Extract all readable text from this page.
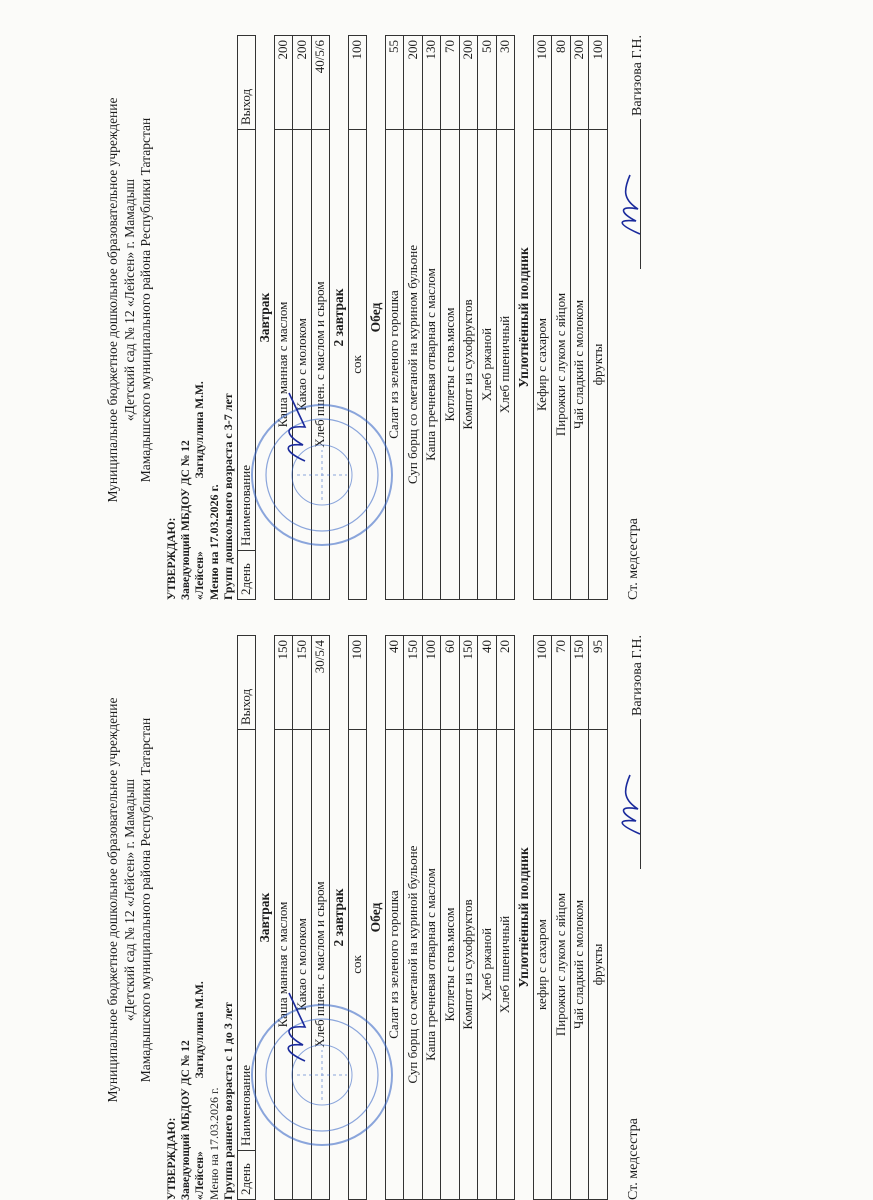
Муниципальное бюджетное дошкольное образовательное учреждение «Детский сад № 12 «Лейсен» г. Мамадыш Мамадышского муниципального района Республики Татарстан
УТВЕРЖДАЮ: Заведующий МБДОУ ДС № 12 «Лейсен» Загидуллина М.М.
Меню на 17.03.2026 г. Группа раннего возраста с 1 до 3 лет 2день	Наименование	Выход
Завтрак		
Каша манная с маслом		150
Какао с молоком		150
Хлеб пшен. с маслом и сыром		30/5/4
2 завтрак		
сок		100
Обед		
Салат из зеленого горошка		40
Суп борщ со сметаной на куриной бульоне		150
Каша гречневая отварная с маслом		100
Котлеты с гов.мясом		60
Компот из сухофруктов		150
Хлеб ржаной		40
Хлеб пшеничный		20
Уплотнённый полдник		
кефир с сахаром		100
Пирожки с луком с яйцом		70
Чай сладкий с молоком		150
фрукты		95
Ст. медсестра
Вагизова Г.Н.
Муниципальное бюджетное дошкольное образовательное учреждение «Детский сад № 12 «Лейсен» г. Мамадыш Мамадышского муниципального района Республики Татарстан
УТВЕРЖДАЮ: Заведующий МБДОУ ДС № 12 «Лейсен» Загидуллина М.М.
Меню на 17.03.2026 г. Групп дошкольного возраста с 3-7 лет 2день	Наименование	Выход
Завтрак		
Каша манная с маслом		200
Какао с молоком		200
Хлеб пшен. с маслом и сыром		40/5/6
2 завтрак		
сок		100
Обед		
Салат из зеленого горошка		55
Суп борщ со сметаной на курином бульоне		200
Каша гречневая отварная с маслом		130
Котлеты с гов.мясом		70
Компот из сухофруктов		200
Хлеб ржаной		50
Хлеб пшеничный		30
Уплотнённый полдник		
Кефир с сахаром		100
Пирожки с луком с яйцом		80
Чай сладкий с молоком		200
фрукты		100
Ст. медсестра
Вагизова Г.Н.
